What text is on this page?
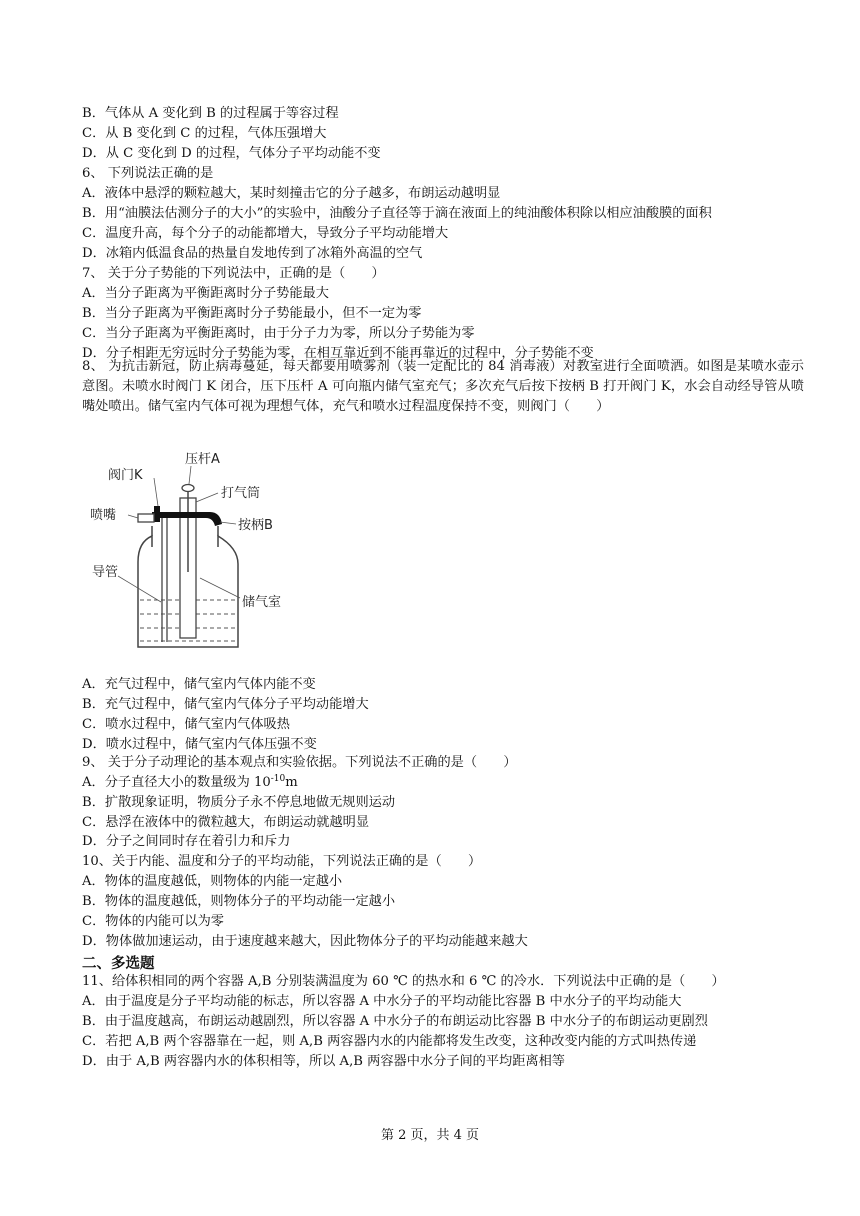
B．气体从 A 变化到 B 的过程属于等容过程
C．从 B 变化到 C 的过程，气体压强增大
D．从 C 变化到 D 的过程，气体分子平均动能不变
6、 下列说法正确的是
A．液体中悬浮的颗粒越大，某时刻撞击它的分子越多，布朗运动越明显
B．用“油膜法估测分子的大小”的实验中，油酸分子直径等于滴在液面上的纯油酸体积除以相应油酸膜的面积
C．温度升高，每个分子的动能都增大，导致分子平均动能增大
D．冰箱内低温食品的热量自发地传到了冰箱外高温的空气
7、 关于分子势能的下列说法中，正确的是（　　）
A．当分子距离为平衡距离时分子势能最大
B．当分子距离为平衡距离时分子势能最小，但不一定为零
C．当分子距离为平衡距离时，由于分子力为零，所以分子势能为零
D．分子相距无穷远时分子势能为零，在相互靠近到不能再靠近的过程中，分子势能不变
8、 为抗击新冠，防止病毒蔓延，每天都要用喷雾剂（装一定配比的 84 消毒液）对教室进行全面喷洒。如图是某喷水壶示意图。未喷水时阀门 K 闭合，压下压杆 A 可向瓶内储气室充气；多次充气后按下按柄 B 打开阀门 K，水会自动经导管从喷嘴处喷出。储气室内气体可视为理想气体，充气和喷水过程温度保持不变，则阀门（　　）
压杆A
阀门K
打气筒
喷嘴
按柄B
导管
储气室
A．充气过程中，储气室内气体内能不变
B．充气过程中，储气室内气体分子平均动能增大
C．喷水过程中，储气室内气体吸热
D．喷水过程中，储气室内气体压强不变
9、 关于分子动理论的基本观点和实验依据。下列说法不正确的是（　　）
A．分子直径大小的数量级为 $10^{-10}m$
B．扩散现象证明，物质分子永不停息地做无规则运动
C．悬浮在液体中的微粒越大，布朗运动就越明显
D．分子之间同时存在着引力和斥力
10、关于内能、温度和分子的平均动能，下列说法正确的是（　　）
A．物体的温度越低，则物体的内能一定越小
B．物体的温度越低，则物体分子的平均动能一定越小
C．物体的内能可以为零
D．物体做加速运动，由于速度越来越大，因此物体分子的平均动能越来越大
二、多选题
11、给体积相同的两个容器 A,B 分别装满温度为 60 ℃ 的热水和 6 ℃ 的冷水．下列说法中正确的是（　　）
A．由于温度是分子平均动能的标志，所以容器 A 中水分子的平均动能比容器 B 中水分子的平均动能大
B．由于温度越高，布朗运动越剧烈，所以容器 A 中水分子的布朗运动比容器 B 中水分子的布朗运动更剧烈
C．若把 A,B 两个容器靠在一起，则 A,B 两容器内水的内能都将发生改变，这种改变内能的方式叫热传递
D．由于 A,B 两容器内水的体积相等，所以 A,B 两容器中水分子间的平均距离相等
第 2 页，共 4 页
